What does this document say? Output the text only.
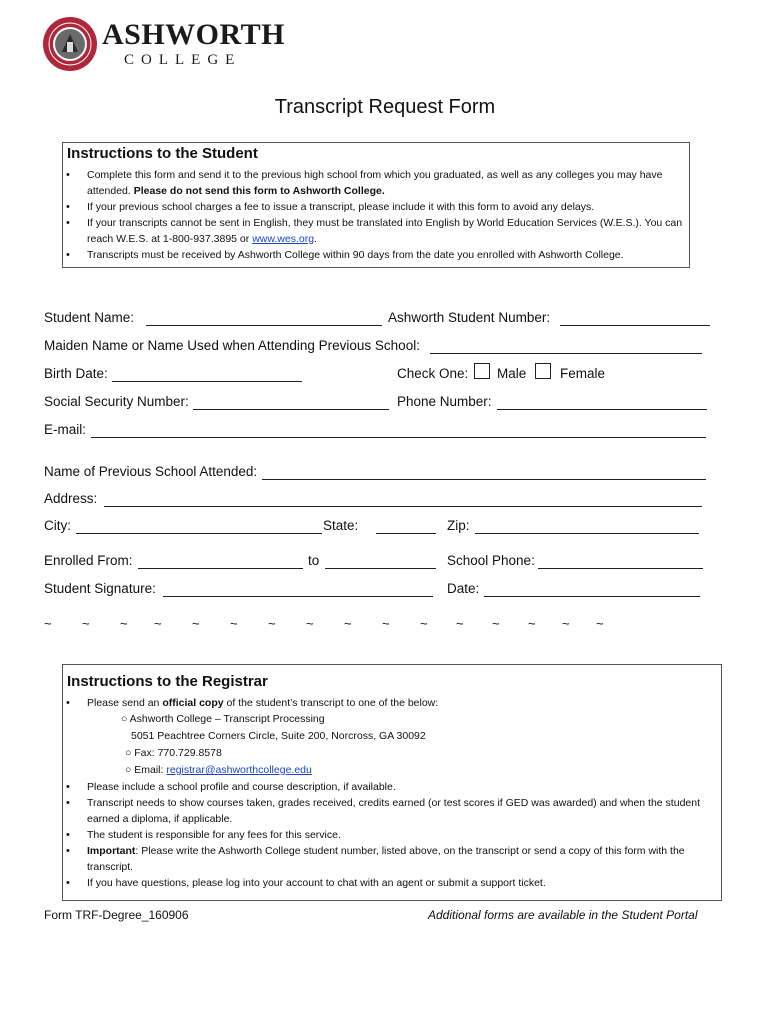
ASHWORTH
COLLEGE
Transcript Request Form
Instructions to the Student
• Complete this form and send it to the previous high school from which you graduated, as well as any colleges you may have attended. Please do not send this form to Ashworth College.
• If your previous school charges a fee to issue a transcript, please include it with this form to avoid any delays.
• If your transcripts cannot be sent in English, they must be translated into English by World Education Services (W.E.S.). You can reach W.E.S. at 1-800-937.3895 or www.wes.org.
• Transcripts must be received by Ashworth College within 90 days from the date you enrolled with Ashworth College.
Student Name:	Ashworth Student Number:
Maiden Name or Name Used when Attending Previous School:
Birth Date:	Check One: Male Female
Social Security Number:	Phone Number:
E-mail:
Name of Previous School Attended:
Address:
City:	State:	Zip:
Enrolled From:	to	School Phone:
Student Signature:	Date:
~ ~ ~ ~ ~ ~ ~ ~ ~ ~ ~ ~ ~ ~ ~ ~
Instructions to the Registrar
• Please send an official copy of the student’s transcript to one of the below:
○ Ashworth College – Transcript Processing
5051 Peachtree Corners Circle, Suite 200, Norcross, GA 30092
○ Fax: 770.729.8578
○ Email: registrar@ashworthcollege.edu
• Please include a school profile and course description, if available.
• Transcript needs to show courses taken, grades received, credits earned (or test scores if GED was awarded) and when the student earned a diploma, if applicable.
• The student is responsible for any fees for this service.
• Important: Please write the Ashworth College student number, listed above, on the transcript or send a copy of this form with the transcript.
• If you have questions, please log into your account to chat with an agent or submit a support ticket.
Form TRF-Degree_160906	Additional forms are available in the Student Portal
